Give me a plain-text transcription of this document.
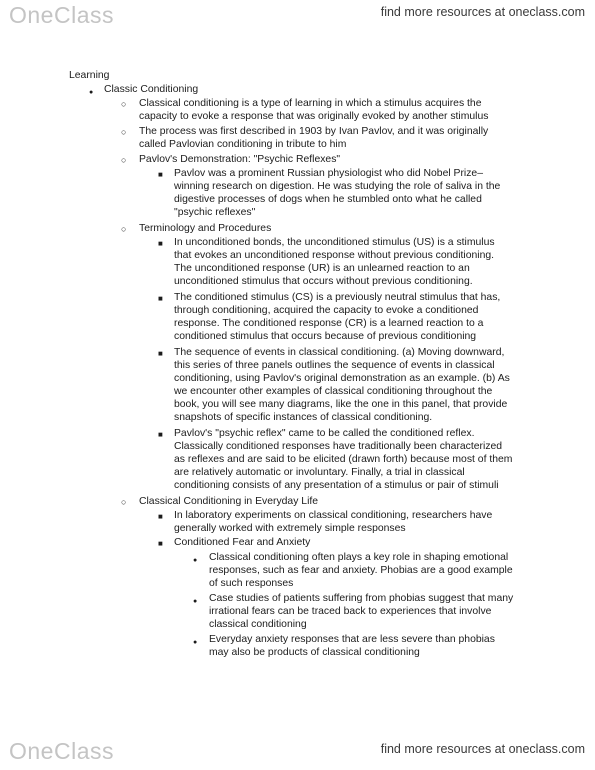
OneClass	find more resources at oneclass.com
Learning
● Classic Conditioning
○ Classical conditioning is a type of learning in which a stimulus acquires the
capacity to evoke a response that was originally evoked by another stimulus
○ The process was first described in 1903 by Ivan Pavlov, and it was originally
called Pavlovian conditioning in tribute to him
○ Pavlov's Demonstration: "Psychic Reflexes"
■ Pavlov was a prominent Russian physiologist who did Nobel Prize–
winning research on digestion. He was studying the role of saliva in the
digestive processes of dogs when he stumbled onto what he called
"psychic reflexes"
○ Terminology and Procedures
■ In unconditioned bonds, the unconditioned stimulus (US) is a stimulus
that evokes an unconditioned response without previous conditioning.
The unconditioned response (UR) is an unlearned reaction to an
unconditioned stimulus that occurs without previous conditioning.
■ The conditioned stimulus (CS) is a previously neutral stimulus that has,
through conditioning, acquired the capacity to evoke a conditioned
response. The conditioned response (CR) is a learned reaction to a
conditioned stimulus that occurs because of previous conditioning
■ The sequence of events in classical conditioning. (a) Moving downward,
this series of three panels outlines the sequence of events in classical
conditioning, using Pavlov's original demonstration as an example. (b) As
we encounter other examples of classical conditioning throughout the
book, you will see many diagrams, like the one in this panel, that provide
snapshots of specific instances of classical conditioning.
■ Pavlov's "psychic reflex" came to be called the conditioned reflex.
Classically conditioned responses have traditionally been characterized
as reflexes and are said to be elicited (drawn forth) because most of them
are relatively automatic or involuntary. Finally, a trial in classical
conditioning consists of any presentation of a stimulus or pair of stimuli
○ Classical Conditioning in Everyday Life
■ In laboratory experiments on classical conditioning, researchers have
generally worked with extremely simple responses
■ Conditioned Fear and Anxiety
● Classical conditioning often plays a key role in shaping emotional
responses, such as fear and anxiety. Phobias are a good example
of such responses
● Case studies of patients suffering from phobias suggest that many
irrational fears can be traced back to experiences that involve
classical conditioning
● Everyday anxiety responses that are less severe than phobias
may also be products of classical conditioning
OneClass	find more resources at oneclass.com
